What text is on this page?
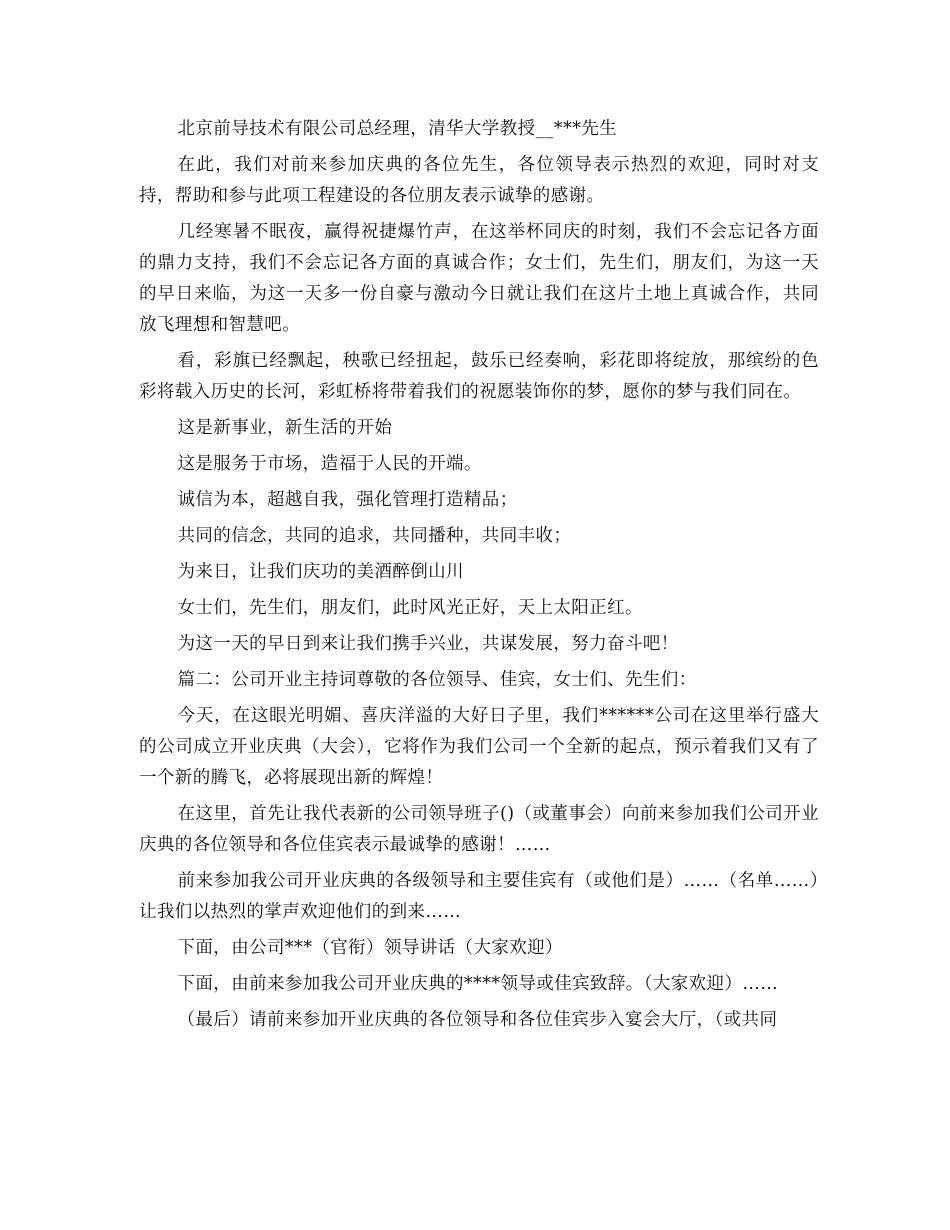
北京前导技术有限公司总经理，清华大学教授__***先生

在此，我们对前来参加庆典的各位先生，各位领导表示热烈的欢迎，同时对支持，帮助和参与此项工程建设的各位朋友表示诚挚的感谢。

几经寒暑不眠夜，赢得祝捷爆竹声，在这举杯同庆的时刻，我们不会忘记各方面的鼎力支持，我们不会忘记各方面的真诚合作；女士们，先生们，朋友们，为这一天的早日来临，为这一天多一份自豪与激动今日就让我们在这片土地上真诚合作，共同放飞理想和智慧吧。

看，彩旗已经飘起，秧歌已经扭起，鼓乐已经奏响，彩花即将绽放，那缤纷的色彩将载入历史的长河，彩虹桥将带着我们的祝愿装饰你的梦，愿你的梦与我们同在。

这是新事业，新生活的开始

这是服务于市场，造福于人民的开端。

诚信为本，超越自我，强化管理打造精品；

共同的信念，共同的追求，共同播种，共同丰收；

为来日，让我们庆功的美酒醉倒山川

女士们，先生们，朋友们，此时风光正好，天上太阳正红。

为这一天的早日到来让我们携手兴业，共谋发展，努力奋斗吧！

篇二：公司开业主持词尊敬的各位领导、佳宾，女士们、先生们：

今天，在这眼光明媚、喜庆洋溢的大好日子里，我们******公司在这里举行盛大的公司成立开业庆典（大会），它将作为我们公司一个全新的起点，预示着我们又有了一个新的腾飞，必将展现出新的辉煌！

在这里，首先让我代表新的公司领导班子()（或董事会）向前来参加我们公司开业庆典的各位领导和各位佳宾表示最诚挚的感谢！……

前来参加我公司开业庆典的各级领导和主要佳宾有（或他们是）……（名单……）让我们以热烈的掌声欢迎他们的到来……

下面，由公司***（官衔）领导讲话（大家欢迎）

下面，由前来参加我公司开业庆典的****领导或佳宾致辞。（大家欢迎）……

（最后）请前来参加开业庆典的各位领导和各位佳宾步入宴会大厅，（或共同
